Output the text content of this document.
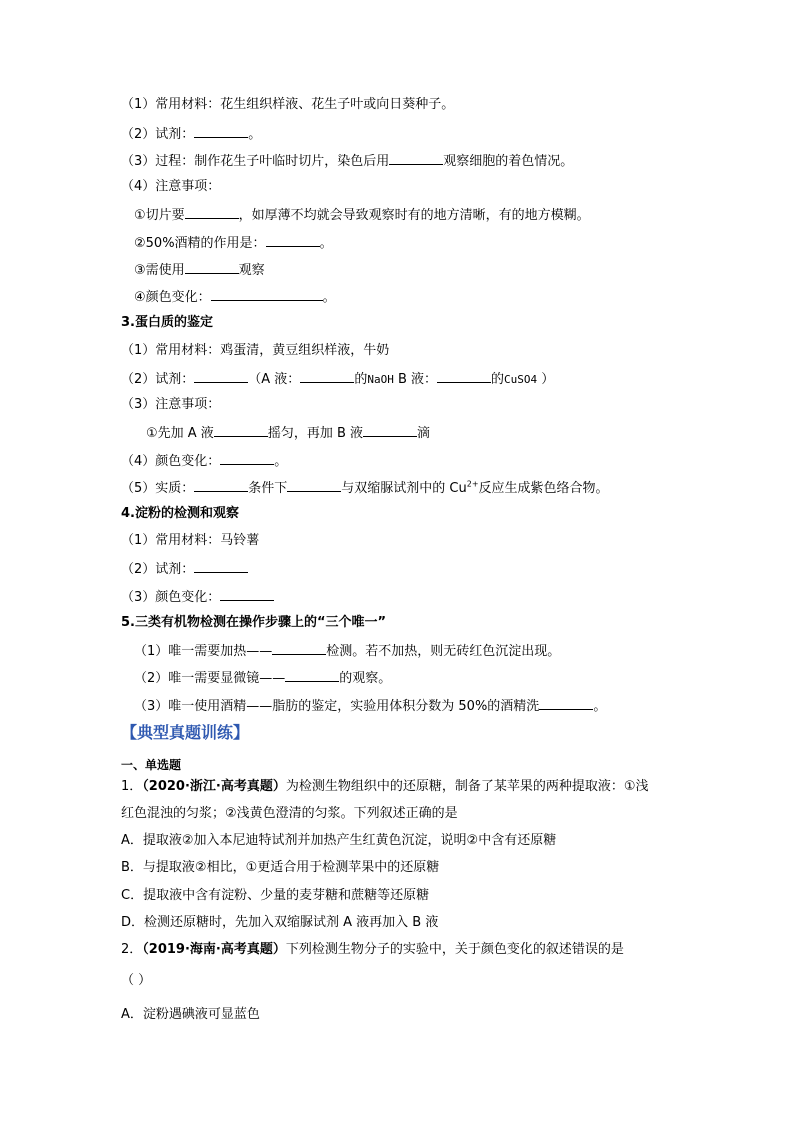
（1）常用材料：花生组织样液、花生子叶或向日葵种子。
（2）试剂：	。
（3）过程：制作花生子叶临时切片，染色后用	观察细胞的着色情况。
（4）注意事项：
①切片要	，如厚薄不均就会导致观察时有的地方清晰，有的地方模糊。
②50%酒精的作用是：	。
③需使用	观察
④颜色变化：	。
3.蛋白质的鉴定
（1）常用材料：鸡蛋清，黄豆组织样液，牛奶
（2）试剂：	（A 液：	的NaOH B 液：	的CuSO4 ）
（3）注意事项：
①先加 A 液	摇匀，再加 B 液	滴
（4）颜色变化：	。
（5）实质：	条件下	与双缩脲试剂中的 $Cu^{2+}$反应生成紫色络合物。
4.淀粉的检测和观察
（1）常用材料：马铃薯
（2）试剂：
（3）颜色变化：
5.三类有机物检测在操作步骤上的“三个唯一”
（1）唯一需要加热——	检测。若不加热，则无砖红色沉淀出现。
（2）唯一需要显微镜——	的观察。
（3）唯一使用酒精——脂肪的鉴定，实验用体积分数为 50%的酒精洗	。
【典型真题训练】
一、单选题
1．（2020·浙江·高考真题）为检测生物组织中的还原糖，制备了某苹果的两种提取液：①浅
红色混浊的匀浆；②浅黄色澄清的匀浆。下列叙述正确的是
A．提取液②加入本尼迪特试剂并加热产生红黄色沉淀，说明②中含有还原糖
B．与提取液②相比，①更适合用于检测苹果中的还原糖
C．提取液中含有淀粉、少量的麦芽糖和蔗糖等还原糖
D．检测还原糖时，先加入双缩脲试剂 A 液再加入 B 液
2．（2019·海南·高考真题）下列检测生物分子的实验中，关于颜色变化的叙述错误的是
（ ）
A．淀粉遇碘液可显蓝色
